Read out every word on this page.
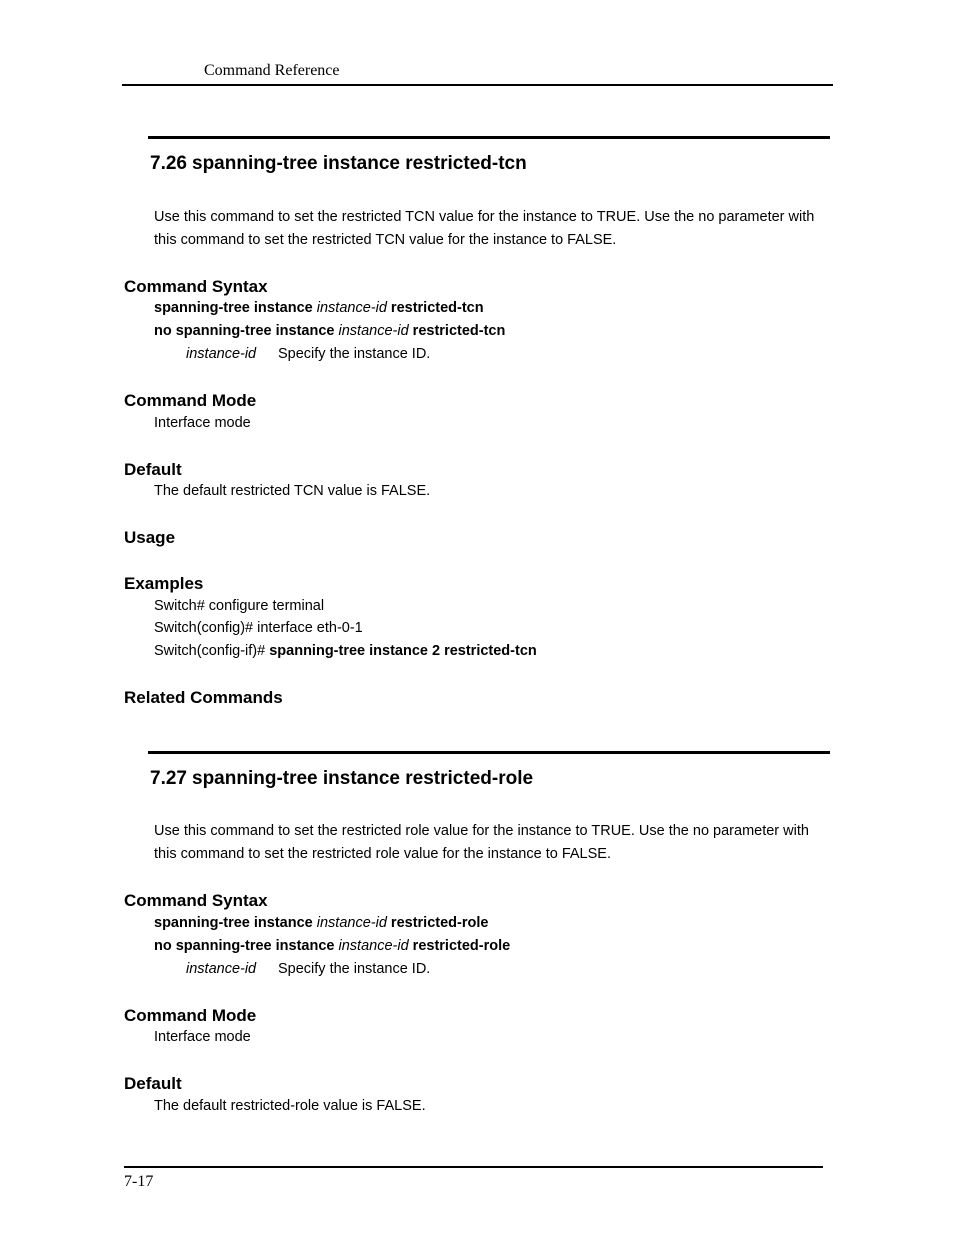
Command Reference
7.26 spanning-tree instance restricted-tcn
Use this command to set the restricted TCN value for the instance to TRUE. Use the no parameter with
this command to set the restricted TCN value for the instance to FALSE.
Command Syntax
spanning-tree instance instance-id restricted-tcn
no spanning-tree instance instance-id restricted-tcn
instance-id Specify the instance ID.
Command Mode
Interface mode
Default
The default restricted TCN value is FALSE.
Usage
Examples
Switch# configure terminal
Switch(config)# interface eth-0-1
Switch(config-if)# spanning-tree instance 2 restricted-tcn
Related Commands
7.27 spanning-tree instance restricted-role
Use this command to set the restricted role value for the instance to TRUE. Use the no parameter with
this command to set the restricted role value for the instance to FALSE.
Command Syntax
spanning-tree instance instance-id restricted-role
no spanning-tree instance instance-id restricted-role
instance-id Specify the instance ID.
Command Mode
Interface mode
Default
The default restricted-role value is FALSE.
7-17
